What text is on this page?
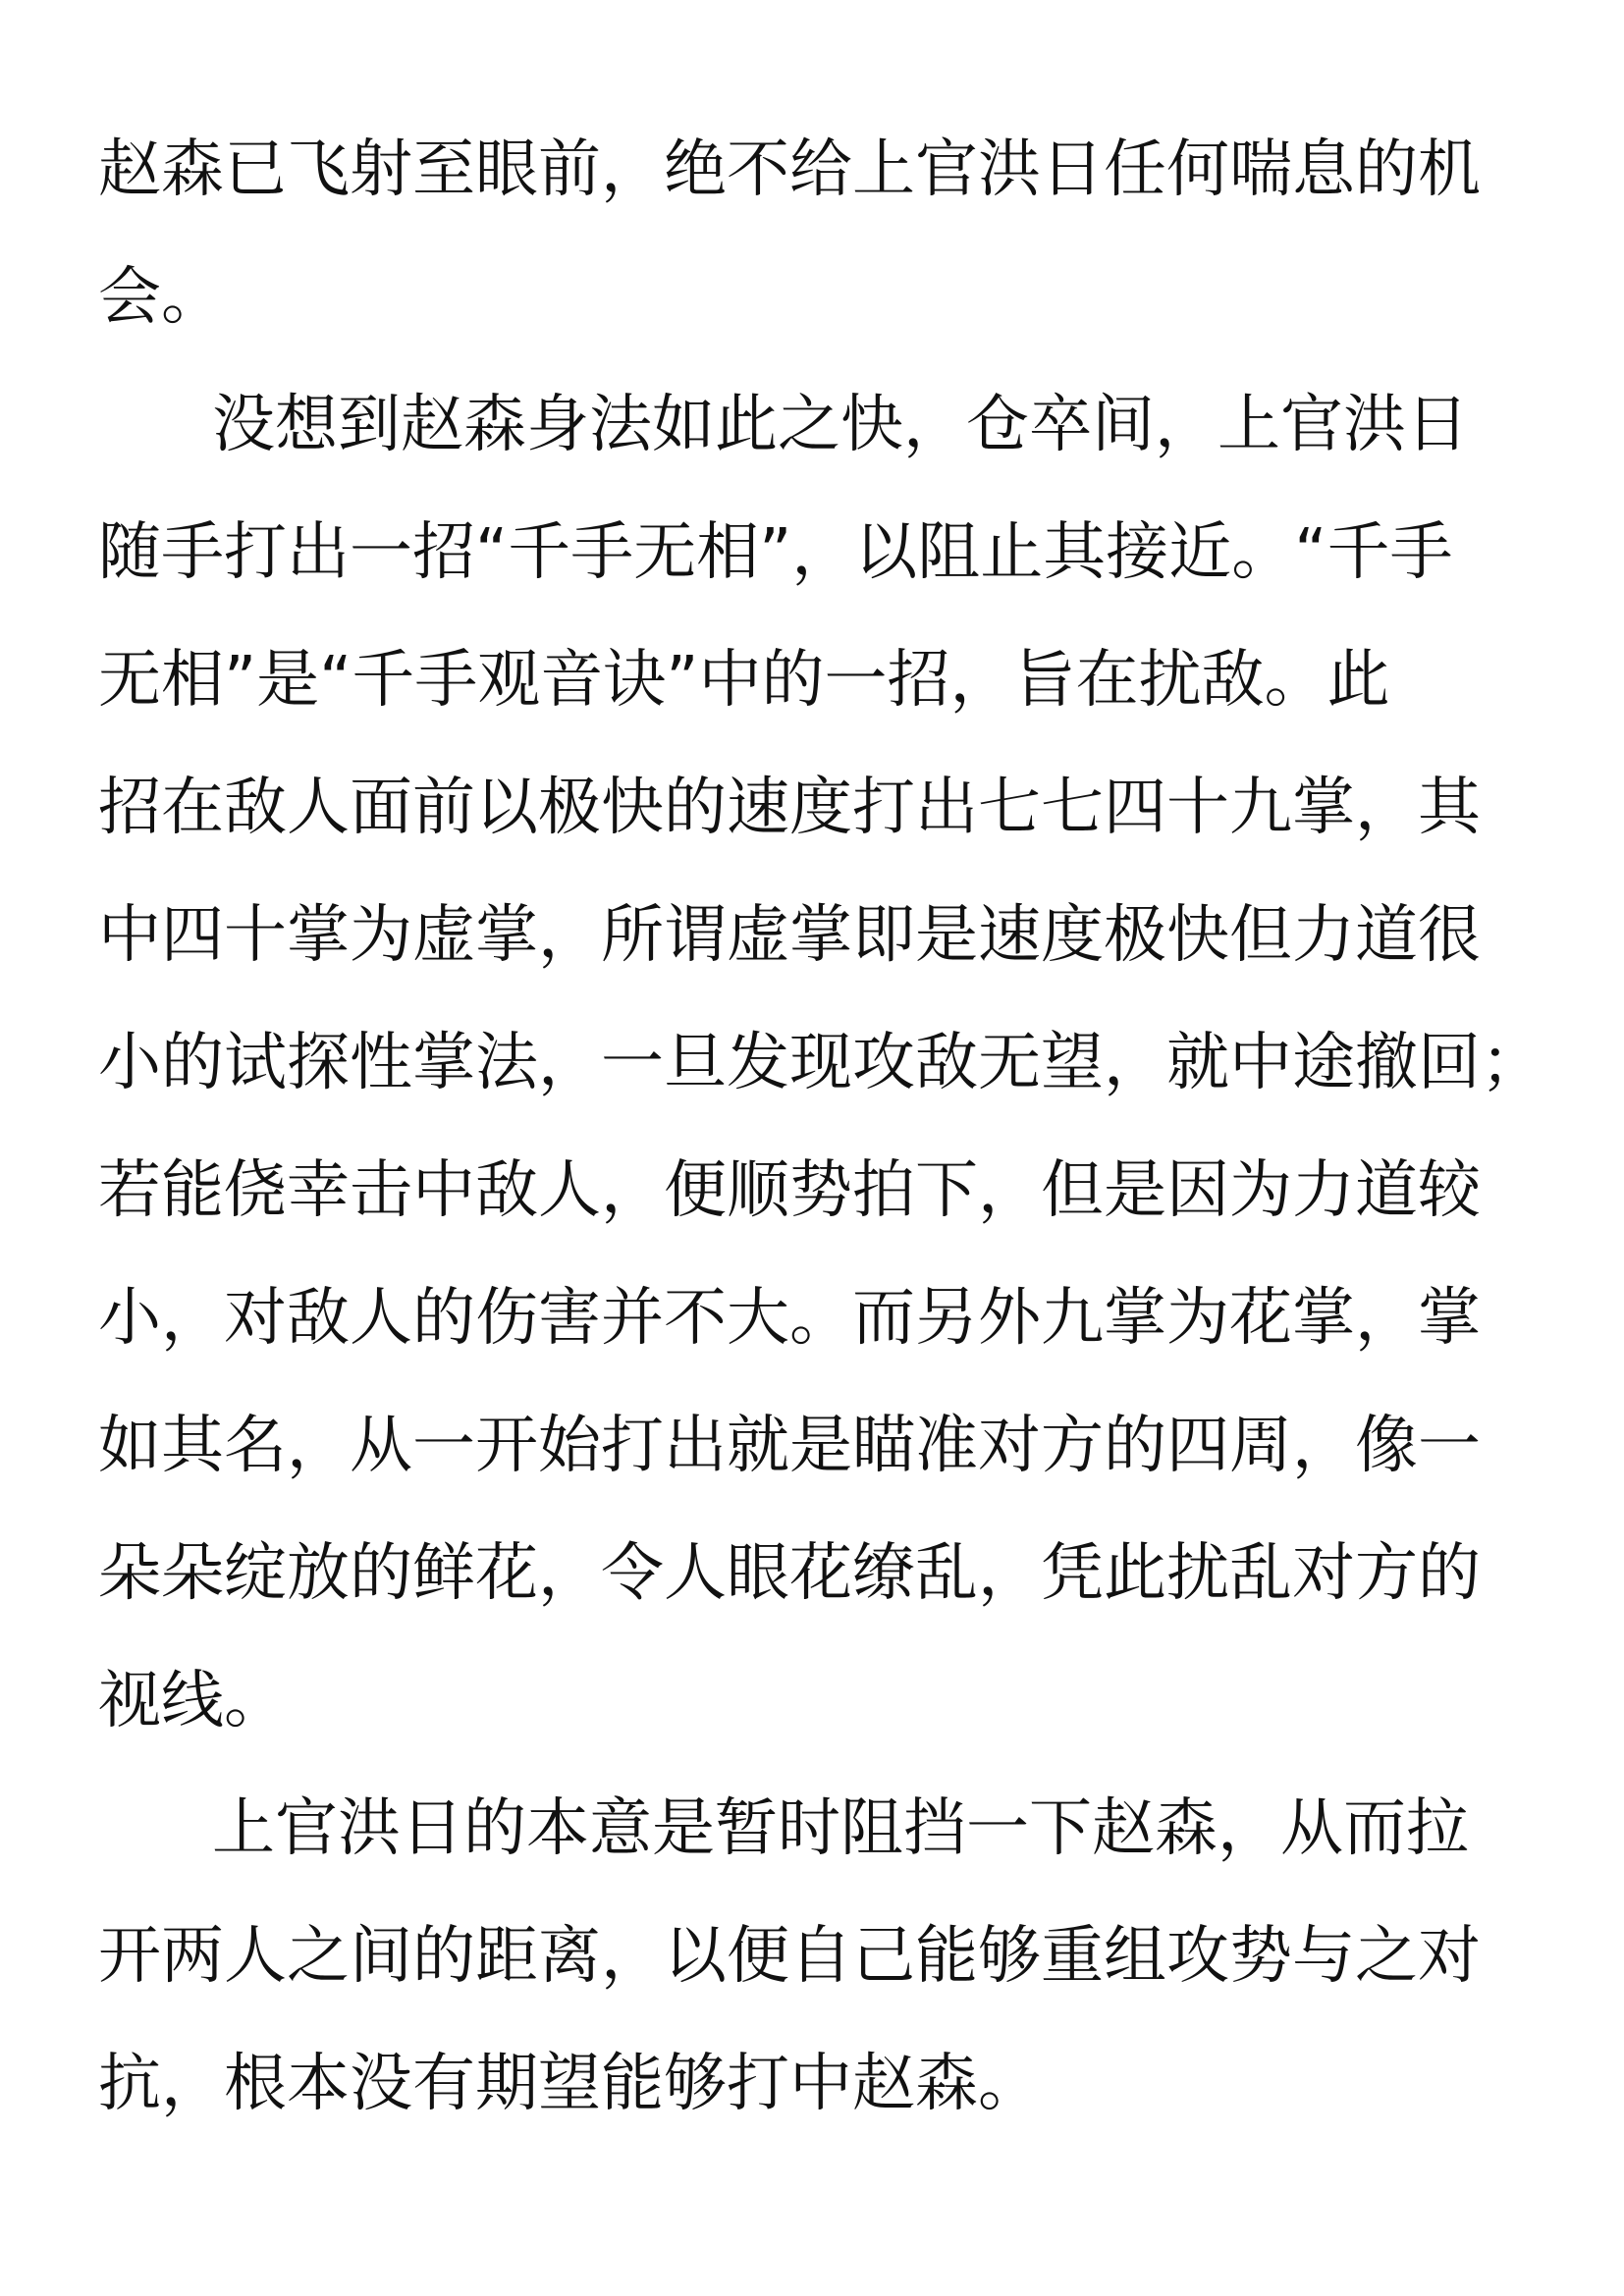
赵森已飞射至眼前，绝不给上官洪日任何喘息的机
会。
没想到赵森身法如此之快，仓卒间，上官洪日
随手打出一招“千手无相”，以阻止其接近。“千手
无相”是“千手观音诀”中的一招，旨在扰敌。此
招在敌人面前以极快的速度打出七七四十九掌，其
中四十掌为虚掌，所谓虚掌即是速度极快但力道很
小的试探性掌法，一旦发现攻敌无望，就中途撤回；
若能侥幸击中敌人，便顺势拍下，但是因为力道较
小，对敌人的伤害并不大。而另外九掌为花掌，掌
如其名，从一开始打出就是瞄准对方的四周，像一
朵朵绽放的鲜花，令人眼花缭乱，凭此扰乱对方的
视线。
上官洪日的本意是暂时阻挡一下赵森，从而拉
开两人之间的距离，以便自己能够重组攻势与之对
抗，根本没有期望能够打中赵森。
